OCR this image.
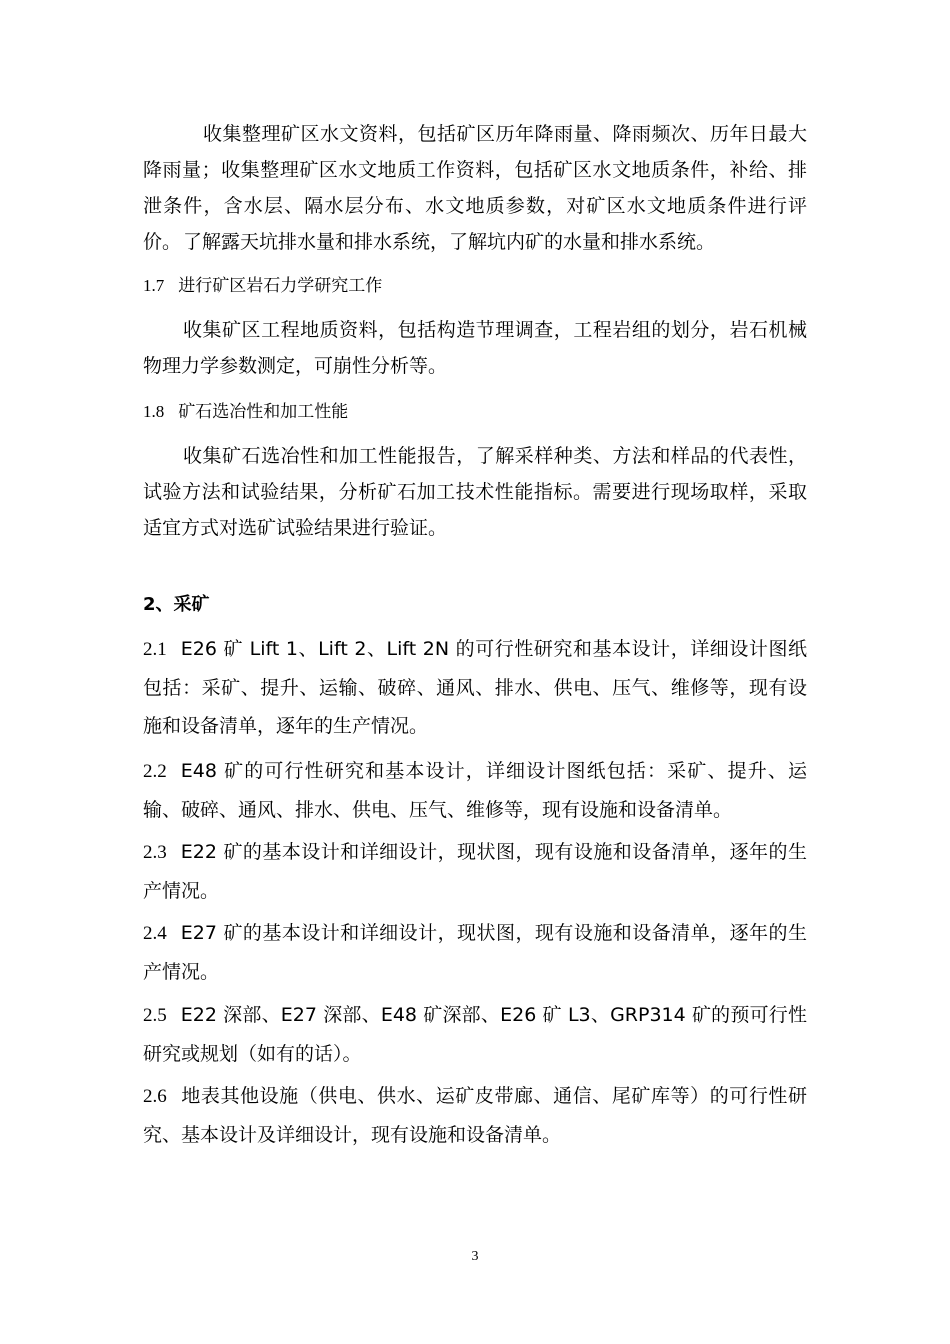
收集整理矿区水文资料，包括矿区历年降雨量、降雨频次、历年日最大降雨量；收集整理矿区水文地质工作资料，包括矿区水文地质条件，补给、排泄条件，含水层、隔水层分布、水文地质参数，对矿区水文地质条件进行评价。 了解露天坑排水量和排水系统，了解坑内矿的水量和排水系统。

1.7 进行矿区岩石力学研究工作

收集矿区工程地质资料，包括构造节理调查，工程岩组的划分，岩石机械物理力学参数测定，可崩性分析等。

1.8 矿石选冶性和加工性能

收集矿石选冶性和加工性能报告，了解采样种类、方法和样品的代表性，试验方法和试验结果，分析矿石加工技术性能指标。需要进行现场取样，采取适宜方式对选矿试验结果进行验证。

2、采矿

2.1 E26 矿 Lift 1、Lift 2、Lift 2N 的可行性研究和基本设计，详细设计图纸包括：采矿、提升、运输、破碎、通风、排水、供电、压气、维修等，现有设施和设备清单，逐年的生产情况。

2.2 E48 矿的可行性研究和基本设计，详细设计图纸包括：采矿、提升、运输、破碎、通风、排水、供电、压气、维修等，现有设施和设备清单。

2.3 E22 矿的基本设计和详细设计，现状图，现有设施和设备清单，逐年的生产情况。

2.4 E27 矿的基本设计和详细设计，现状图，现有设施和设备清单，逐年的生产情况。

2.5 E22 深部、E27 深部、E48 矿深部、E26 矿 L3、GRP314 矿的预可行性研究或规划（如有的话）。

2.6 地表其他设施（供电、供水、运矿皮带廊、通信、尾矿库等）的可行性研究、基本设计及详细设计，现有设施和设备清单。

3
